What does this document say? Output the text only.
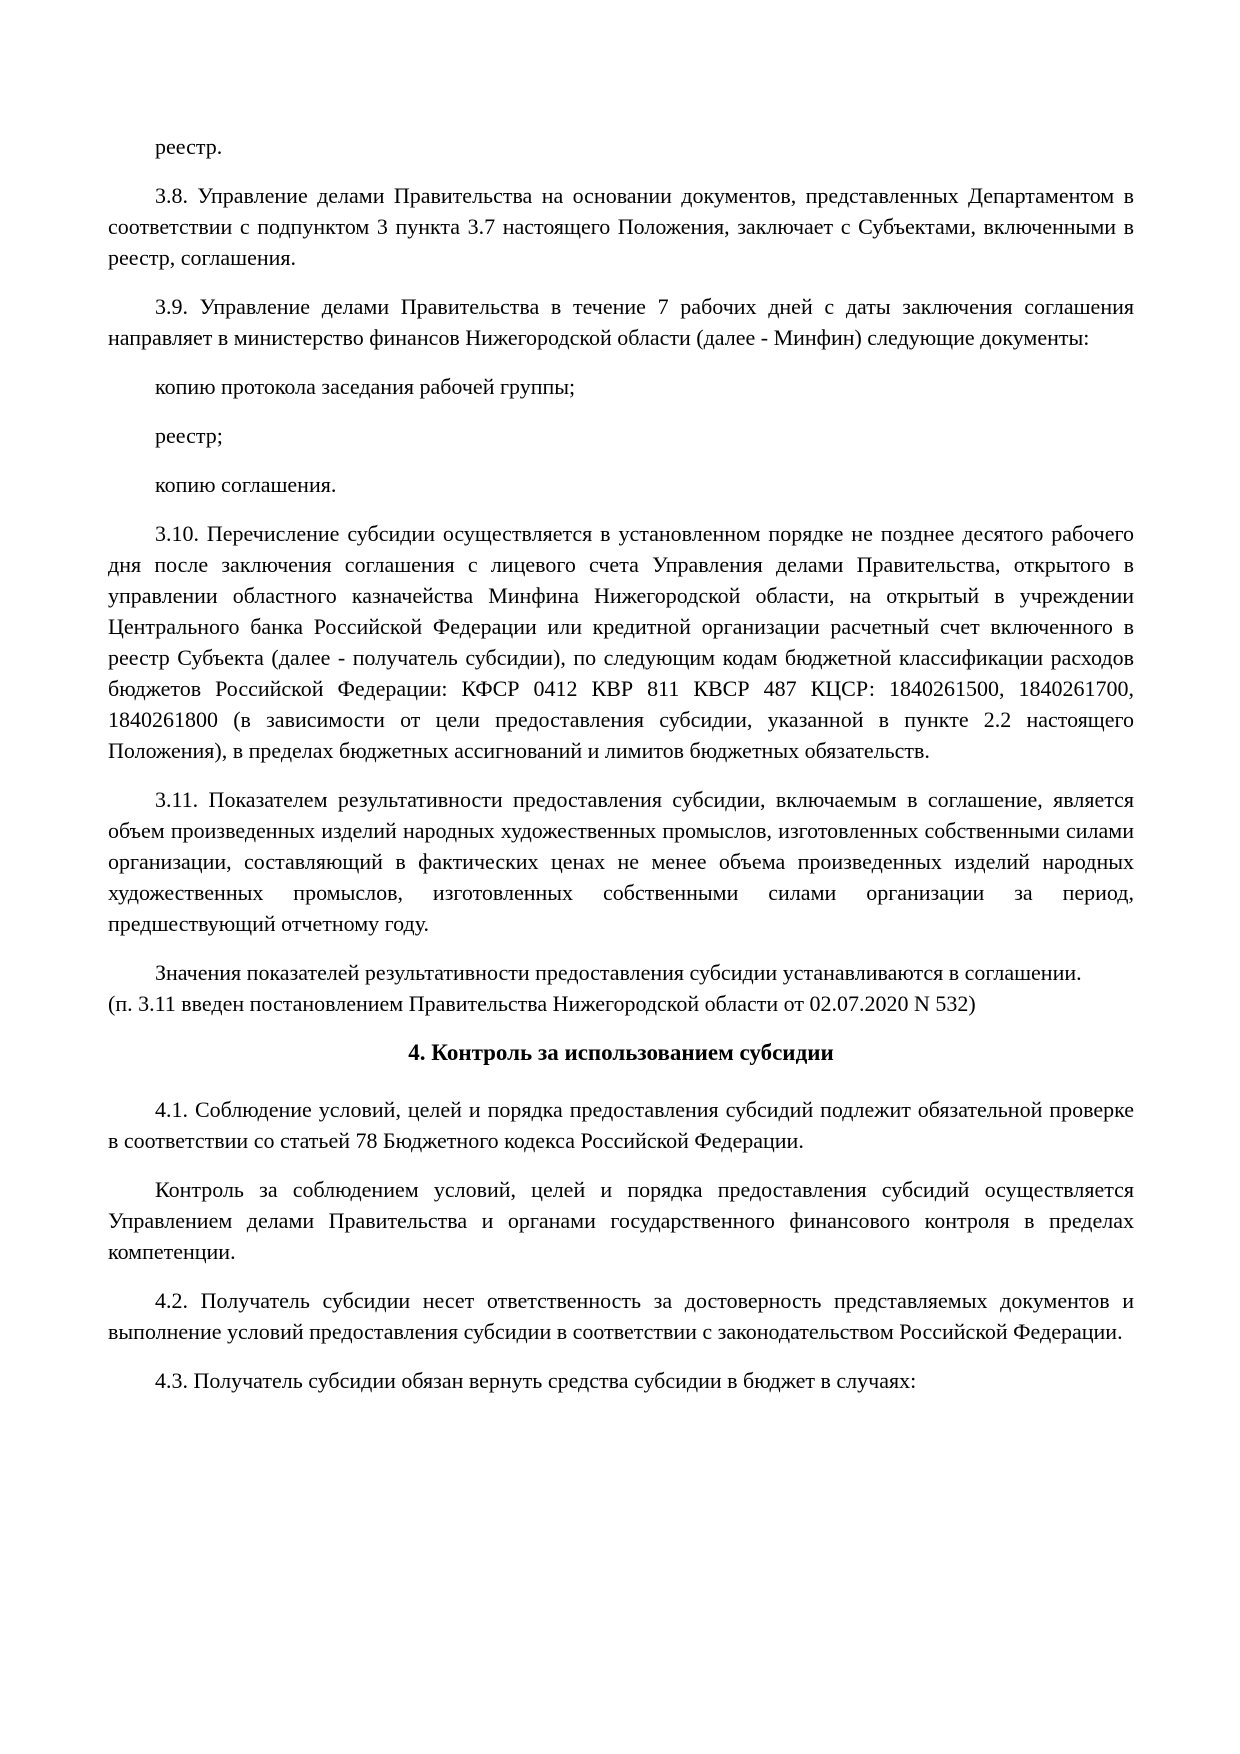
реестр.

3.8. Управление делами Правительства на основании документов, представленных Департаментом в соответствии с подпунктом 3 пункта 3.7 настоящего Положения, заключает с Субъектами, включенными в реестр, соглашения.

3.9. Управление делами Правительства в течение 7 рабочих дней с даты заключения соглашения направляет в министерство финансов Нижегородской области (далее - Минфин) следующие документы:

копию протокола заседания рабочей группы;

реестр;

копию соглашения.

3.10. Перечисление субсидии осуществляется в установленном порядке не позднее десятого рабочего дня после заключения соглашения с лицевого счета Управления делами Правительства, открытого в управлении областного казначейства Минфина Нижегородской области, на открытый в учреждении Центрального банка Российской Федерации или кредитной организации расчетный счет включенного в реестр Субъекта (далее - получатель субсидии), по следующим кодам бюджетной классификации расходов бюджетов Российской Федерации: КФСР 0412 КВР 811 КВСР 487 КЦСР: 1840261500, 1840261700, 1840261800 (в зависимости от цели предоставления субсидии, указанной в пункте 2.2 настоящего Положения), в пределах бюджетных ассигнований и лимитов бюджетных обязательств.

3.11. Показателем результативности предоставления субсидии, включаемым в соглашение, является объем произведенных изделий народных художественных промыслов, изготовленных собственными силами организации, составляющий в фактических ценах не менее объема произведенных изделий народных художественных промыслов, изготовленных собственными силами организации за период, предшествующий отчетному году.

Значения показателей результативности предоставления субсидии устанавливаются в соглашении.

(п. 3.11 введен постановлением Правительства Нижегородской области от 02.07.2020 N 532)

4. Контроль за использованием субсидии

4.1. Соблюдение условий, целей и порядка предоставления субсидий подлежит обязательной проверке в соответствии со статьей 78 Бюджетного кодекса Российской Федерации.

Контроль за соблюдением условий, целей и порядка предоставления субсидий осуществляется Управлением делами Правительства и органами государственного финансового контроля в пределах компетенции.

4.2. Получатель субсидии несет ответственность за достоверность представляемых документов и выполнение условий предоставления субсидии в соответствии с законодательством Российской Федерации.

4.3. Получатель субсидии обязан вернуть средства субсидии в бюджет в случаях:
